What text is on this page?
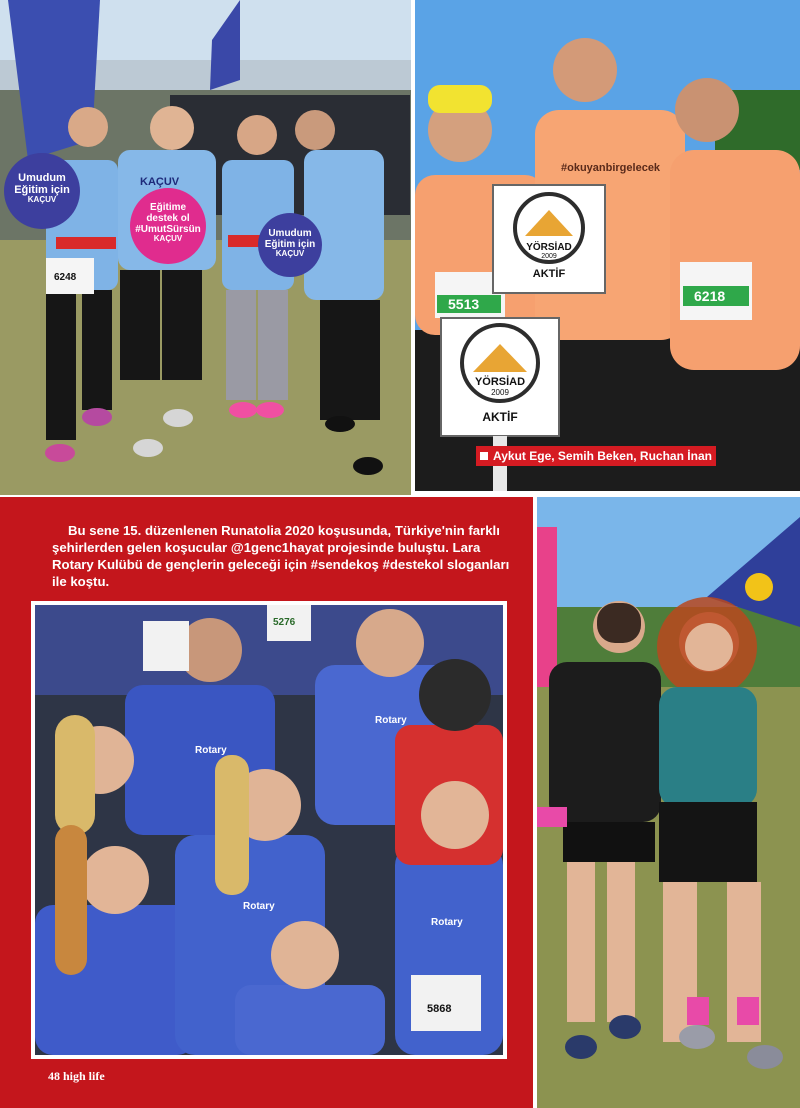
Umudum
Eğitim için
KAÇUV
Eğitime
destek ol
#UmutSürsün
KAÇUV	Umudum
Eğitim için
KAÇUV
6248
KAÇUV
YÖRSİAD
2009
AKTİF
YÖRSİAD
2009
AKTİF
5513	6218
#okuyanbirgelecek
Aykut Ege, Semih Beken, Ruchan İnan

Bu sene 15. düzenlenen Runatolia 2020 koşusunda, Türkiye'nin farklı şehirlerden gelen koşucular @1genc1hayat projesinde buluştu. Lara Rotary Kulübü de gençlerin geleceği için #sendekoş #destekol sloganları ile koştu.

5868
5276
Rotary
Rotary
Rotary
Rotary
48 high life
